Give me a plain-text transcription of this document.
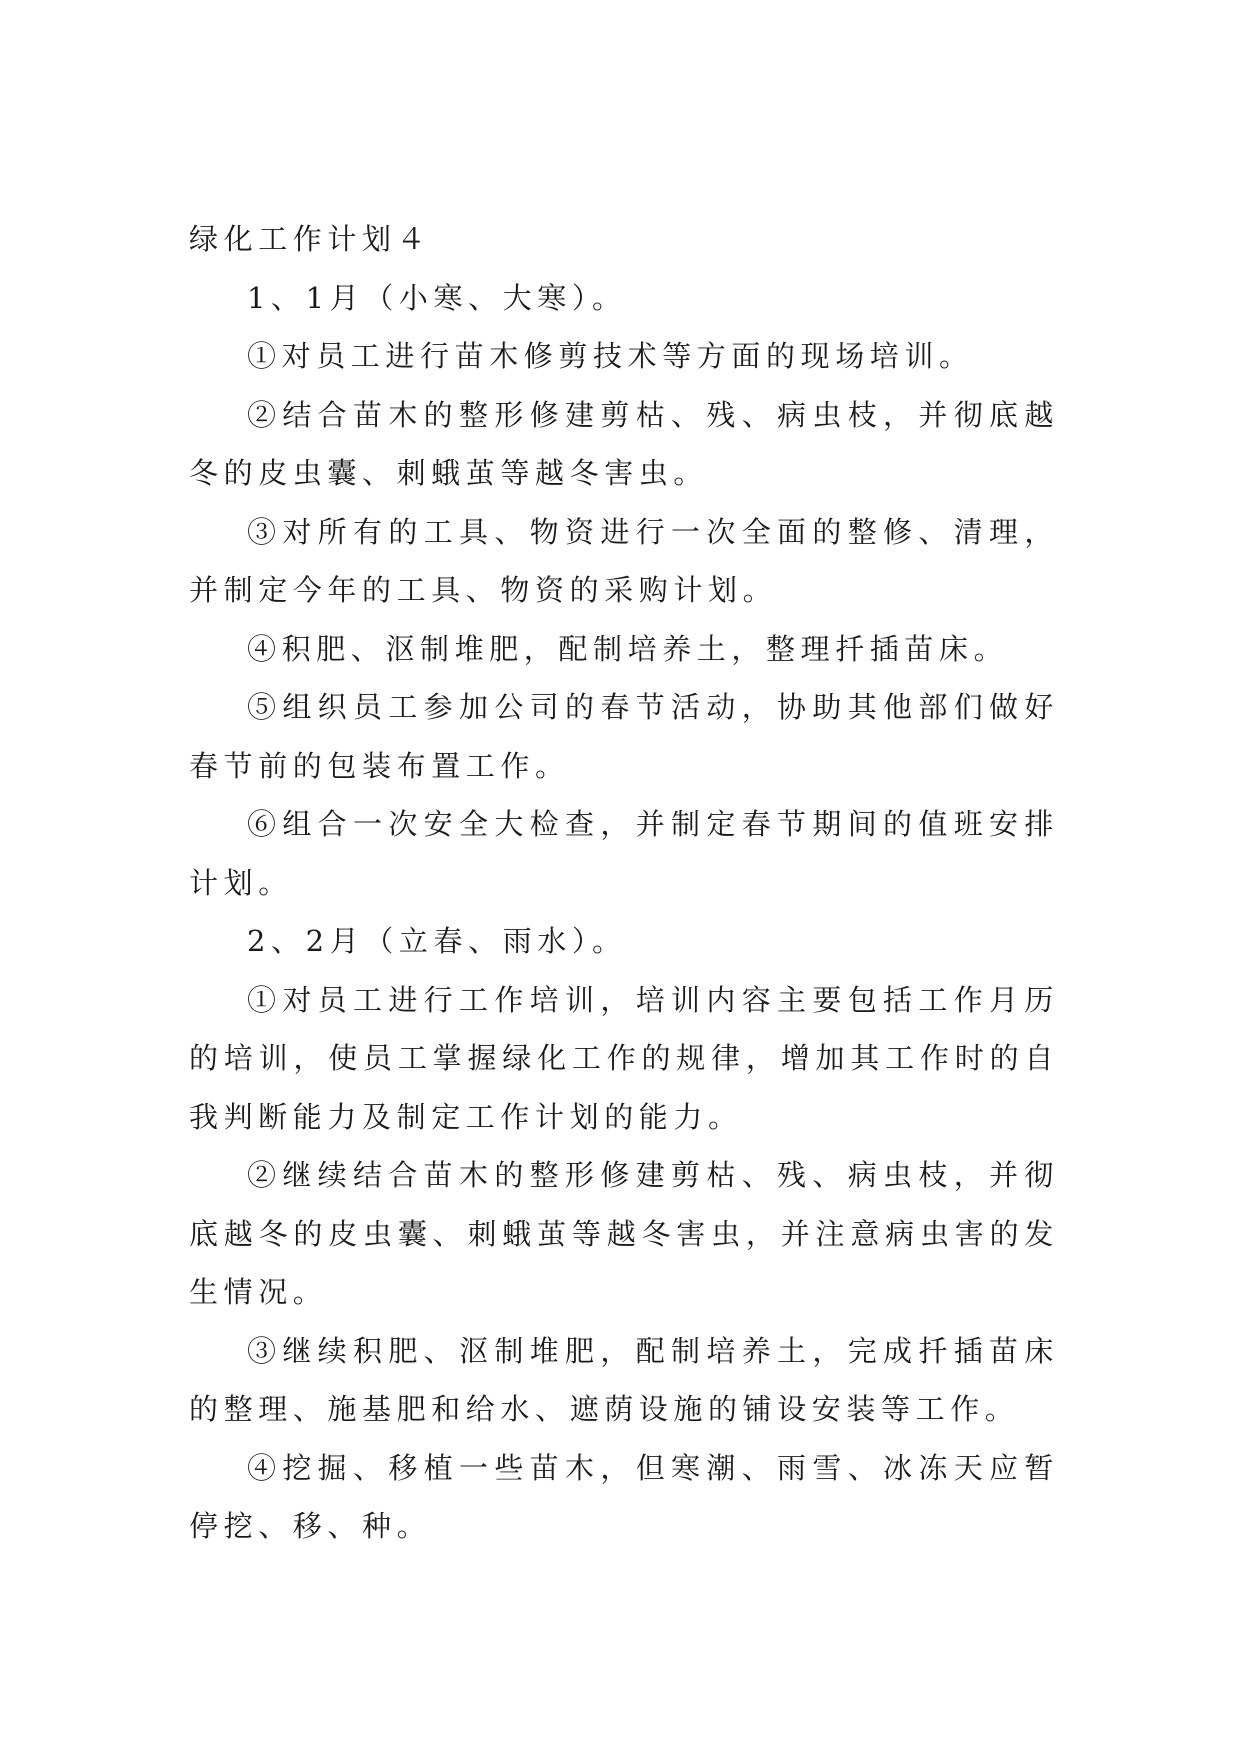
绿化工作计划４

1、1月（小寒、大寒）。

①对员工进行苗木修剪技术等方面的现场培训。

②结合苗木的整形修建剪枯、残、病虫枝，并彻底越冬的皮虫囊、刺蛾茧等越冬害虫。

③对所有的工具、物资进行一次全面的整修、清理，并制定今年的工具、物资的采购计划。

④积肥、沤制堆肥，配制培养土，整理扦插苗床。

⑤组织员工参加公司的春节活动，协助其他部们做好春节前的包装布置工作。

⑥组合一次安全大检查，并制定春节期间的值班安排计划。

2、2月（立春、雨水）。

①对员工进行工作培训，培训内容主要包括工作月历的培训，使员工掌握绿化工作的规律，增加其工作时的自我判断能力及制定工作计划的能力。

②继续结合苗木的整形修建剪枯、残、病虫枝，并彻底越冬的皮虫囊、刺蛾茧等越冬害虫，并注意病虫害的发生情况。

③继续积肥、沤制堆肥，配制培养土，完成扦插苗床的整理、施基肥和给水、遮荫设施的铺设安装等工作。

④挖掘、移植一些苗木，但寒潮、雨雪、冰冻天应暂停挖、移、种。
